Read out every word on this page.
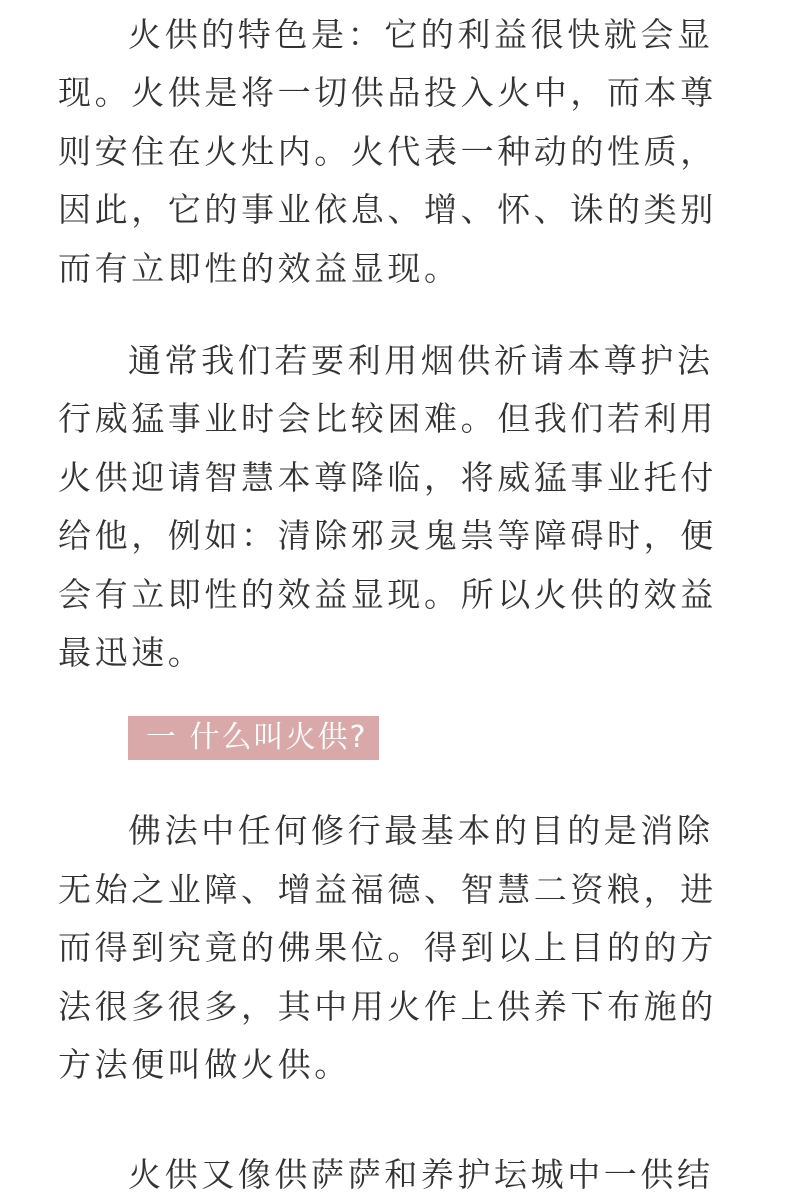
火供的特色是：它的利益很快就会显现。火供是将一切供品投入火中，而本尊则安住在火灶内。火代表一种动的性质，因此，它的事业依息、增、怀、诛的类别而有立即性的效益显现。

通常我们若要利用烟供祈请本尊护法行威猛事业时会比较困难。但我们若利用火供迎请智慧本尊降临，将威猛事业托付给他，例如：清除邪灵鬼祟等障碍时，便会有立即性的效益显现。所以火供的效益最迅速。

一 什么叫火供?

佛法中任何修行最基本的目的是消除无始之业障、增益福德、智慧二资粮，进而得到究竟的佛果位。得到以上目的的方法很多很多，其中用火作上供养下布施的方法便叫做火供。

火供又像供萨萨和养护坛城中一供结
